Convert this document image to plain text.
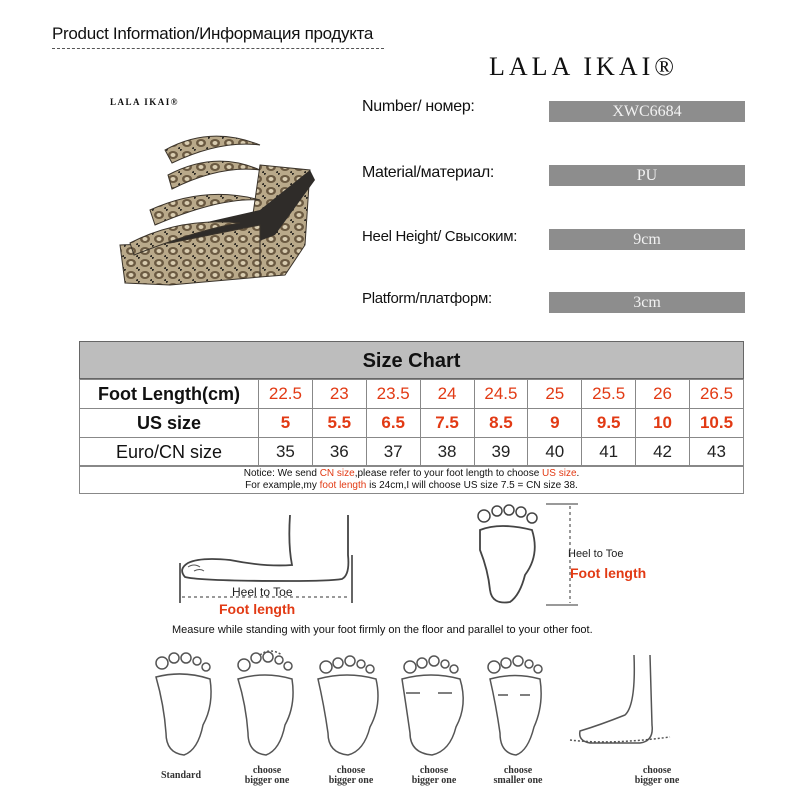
Product Information/Информация продукта
LALA IKAI®
LALA IKAI®	Number/ номер:	XWC6684
Material/материал:	PU
Heel Height/ Свысоким:	9cm
Platform/платформ:	3cm
Size Chart
Foot Length(cm)	22.5	23	23.5	24	24.5	25	25.5	26	26.5
US size	5	5.5	6.5	7.5	8.5	9	9.5	10	10.5
Euro/CN size	35	36	37	38	39	40	41	42	43
Notice: We send CN size,please refer to your foot length to choose US size.
For example,my foot length is 24cm,I will choose US size 7.5 = CN size 38.
Heel to Toe
Foot length
Heel to Toe
Foot length
Measure while standing with your foot firmly on the floor and parallel to your other foot.
Standard	choose
bigger one
choose
bigger one
choose
bigger one
choose
smaller one
choose
bigger one
